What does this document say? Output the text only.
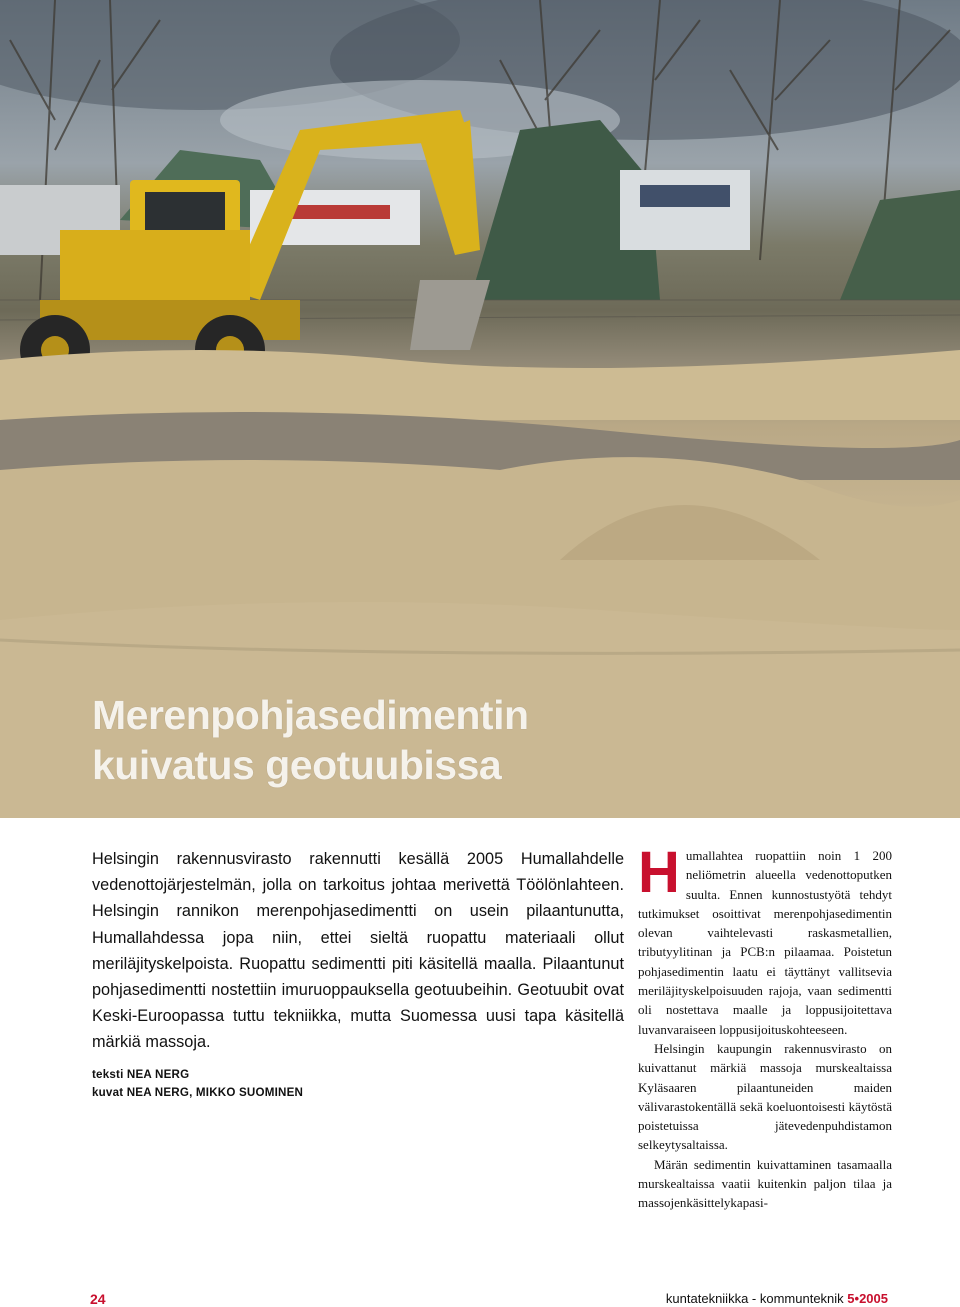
Merenpohjasedimentin
kuivatus geotuubissa

Helsingin rakennusvirasto rakennutti kesällä 2005 Humallahdelle vedenottojärjestelmän, jolla on tarkoitus johtaa merivettä Töölönlahteen. Helsingin rannikon merenpohjasedimentti on usein pilaantunutta, Humallahdessa jopa niin, ettei sieltä ruopattu materiaali ollut meriläjityskelpoista. Ruopattu sedimentti piti käsitellä maalla. Pilaantunut pohjasedimentti nostettiin imuruoppauksella geotuubeihin. Geotuubit ovat Keski-Euroopassa tuttu tekniikka, mutta Suomessa uusi tapa käsitellä märkiä massoja.

teksti NEA NERG
kuvat NEA NERG, MIKKO SUOMINEN

Humallahtea ruopattiin noin 1 200 neliömetrin alueella vedenottoputken suulta. Ennen kunnostustyötä tehdyt tutkimukset osoittivat merenpohjasedimentin olevan vaihtelevasti raskasmetallien, tributyylitinan ja PCB:n pilaamaa. Poistetun pohjasedimentin laatu ei täyttänyt vallitsevia meriläjityskelpoisuuden rajoja, vaan sedimentti oli nostettava maalle ja loppusijoitettava luvanvaraiseen loppusijoituskohteeseen.

Helsingin kaupungin rakennusvirasto on kuivattanut märkiä massoja murskealtaissa Kyläsaaren pilaantuneiden maiden välivarastokentällä sekä koeluontoisesti käytöstä poistetuissa jätevedenpuhdistamon selkeytysaltaissa.

Märän sedimentin kuivattaminen tasamaalla murskealtaissa vaatii kuitenkin paljon tilaa ja massojenkäsittelykapasi-

24	kuntatekniikka - kommunteknik 5•2005
